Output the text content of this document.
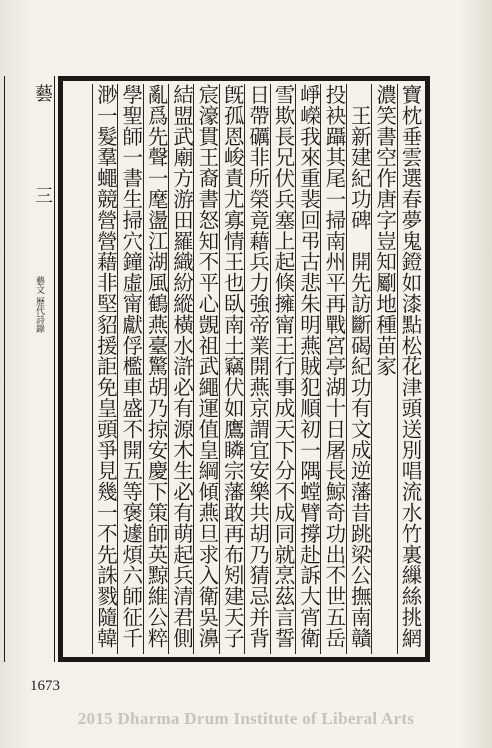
藝
三
藝文 歷代詩錄
寶枕垂雲選春夢鬼鐙如漆點松花津頭送別唱流水竹裏繅絲挑網
濃笑書空作唐字豈知劚地種苗家
　王新建紀功碑　開先訪斷碣紀功有文成逆藩昔跳梁公撫南贛
投袂躡其尾一掃南州平再戰宮亭湖十日屠長鯨奇功出不世五岳
崢嶸我來重裴回弔古悲朱明燕賊犯順初一隅螳臂撐赴訴大宵衛
雪欺長兄伏兵塞上起倏擁甯王行事成天下分不成同就烹茲言誓
日帶礪非所榮竟藉兵力強帝業開燕京謂宜安樂共胡乃猜忌并背
旣孤恩峻責尤寡情王也臥南土竊伏如鷹瞵宗藩敢再布矧建天子
宸濠貫王裔書怒知不平心覬祖武繩運值皇綱傾燕旦求入衛吳濞
結盟武廟方游田羅織紛縱橫水滸必有源木生必有萌起兵清君側
亂爲先聲一麾盪江湖風鶴燕臺驚胡乃掠安慶下策師英黥維公粹
學聖師一書生掃穴鐘虛甯獻俘檻車盛不開五等褒遽煩六師征千
渺一髮羣蠅競營營藉非堅貂援詎免皇頭爭見幾一不先誅戮隨韓
1673
2015 Dharma Drum Institute of Liberal Arts
